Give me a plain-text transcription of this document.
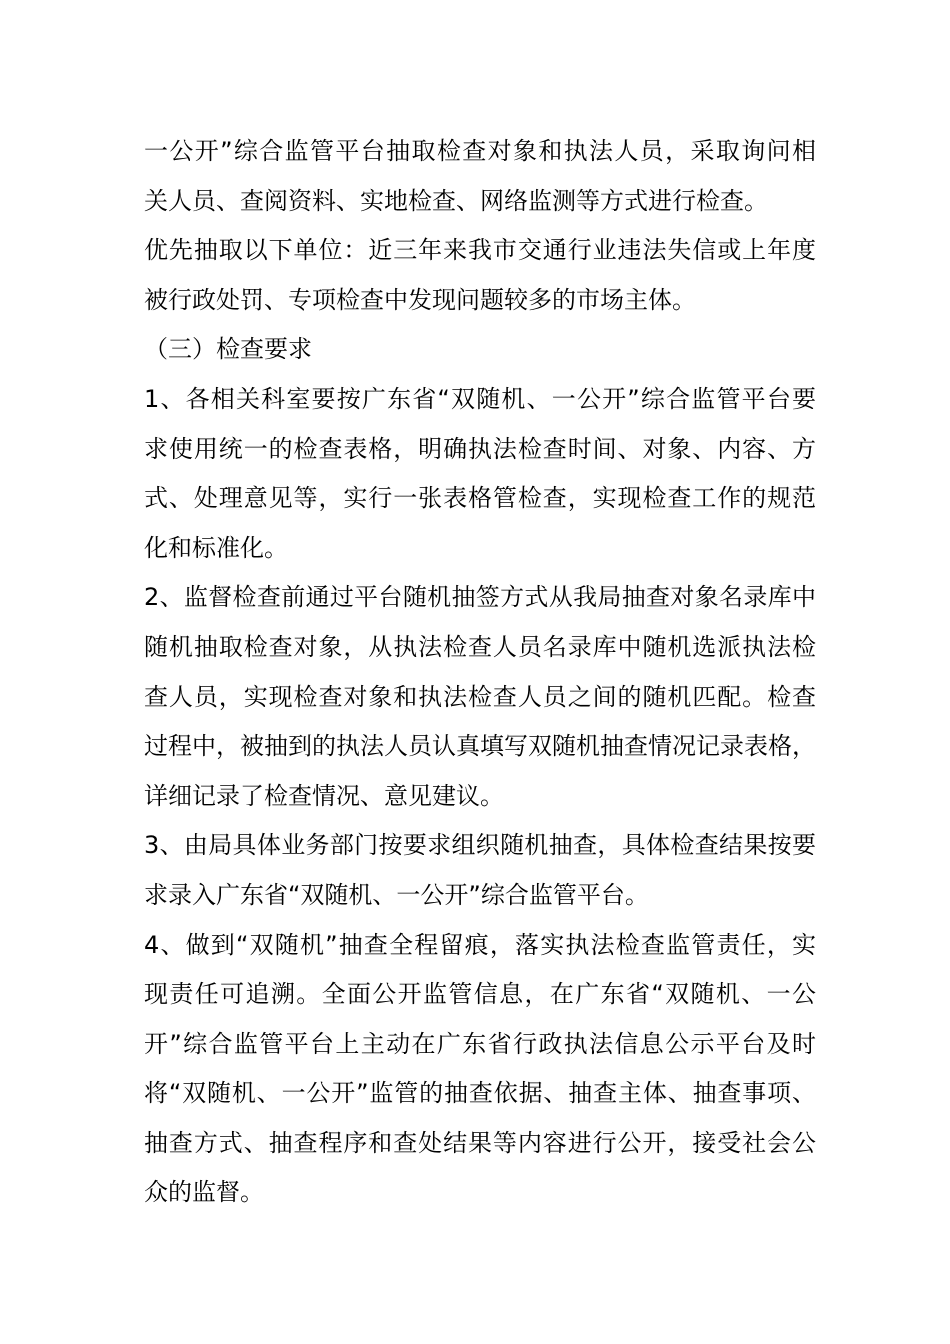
一公开”综合监管平台抽取检查对象和执法人员，采取询问相
关人员、查阅资料、实地检查、网络监测等方式进行检查。
优先抽取以下单位：近三年来我市交通行业违法失信或上年度
被行政处罚、专项检查中发现问题较多的市场主体。
（三）检查要求
1、各相关科室要按广东省“双随机、一公开”综合监管平台要
求使用统一的检查表格，明确执法检查时间、对象、内容、方
式、处理意见等，实行一张表格管检查，实现检查工作的规范
化和标准化。
2、监督检查前通过平台随机抽签方式从我局抽查对象名录库中
随机抽取检查对象，从执法检查人员名录库中随机选派执法检
查人员，实现检查对象和执法检查人员之间的随机匹配。检查
过程中，被抽到的执法人员认真填写双随机抽查情况记录表格，
详细记录了检查情况、意见建议。
3、由局具体业务部门按要求组织随机抽查，具体检查结果按要
求录入广东省“双随机、一公开”综合监管平台。
4、做到“双随机”抽查全程留痕，落实执法检查监管责任，实
现责任可追溯。全面公开监管信息，在广东省“双随机、一公
开”综合监管平台上主动在广东省行政执法信息公示平台及时
将“双随机、一公开”监管的抽查依据、抽查主体、抽查事项、
抽查方式、抽查程序和查处结果等内容进行公开，接受社会公
众的监督。
